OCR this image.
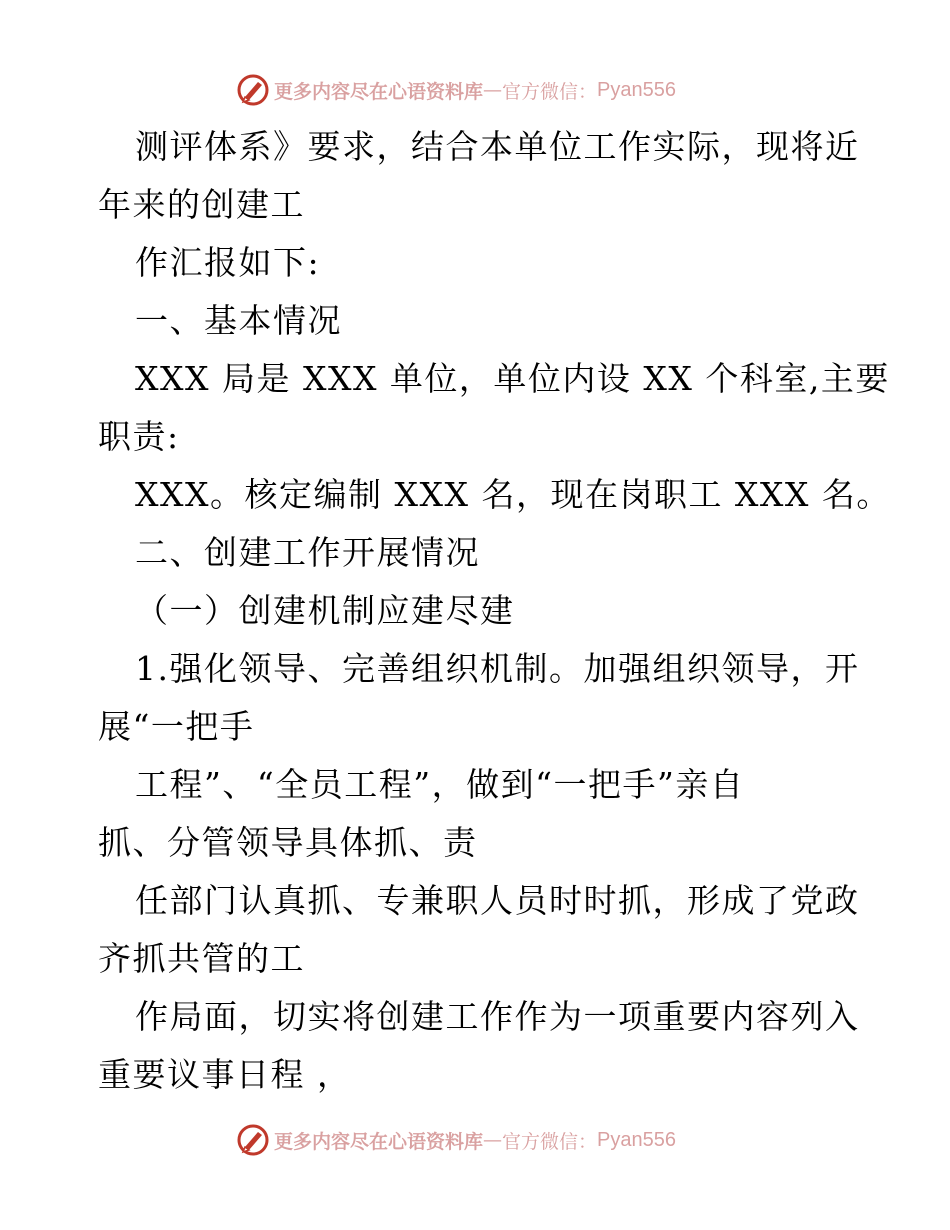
更多内容尽在心语资料库 — 官方微信： Pyan556
测评体系》要求，结合本单位工作实际，现将近
年来的创建工
作汇报如下:
一、基本情况
XXX 局是 XXX 单位，单位内设 XX 个科室,主要
职责:
XXX。核定编制 XXX 名，现在岗职工 XXX 名。
二、创建工作开展情况
（一）创建机制应建尽建
1.强化领导、完善组织机制。加强组织领导，开
展“一把手
工程”、“全员工程”，做到“一把手”亲自
抓、分管领导具体抓、责
任部门认真抓、专兼职人员时时抓，形成了党政
齐抓共管的工
作局面，切实将创建工作作为一项重要内容列入
重要议事日程 ，
更多内容尽在心语资料库 — 官方微信： Pyan556
